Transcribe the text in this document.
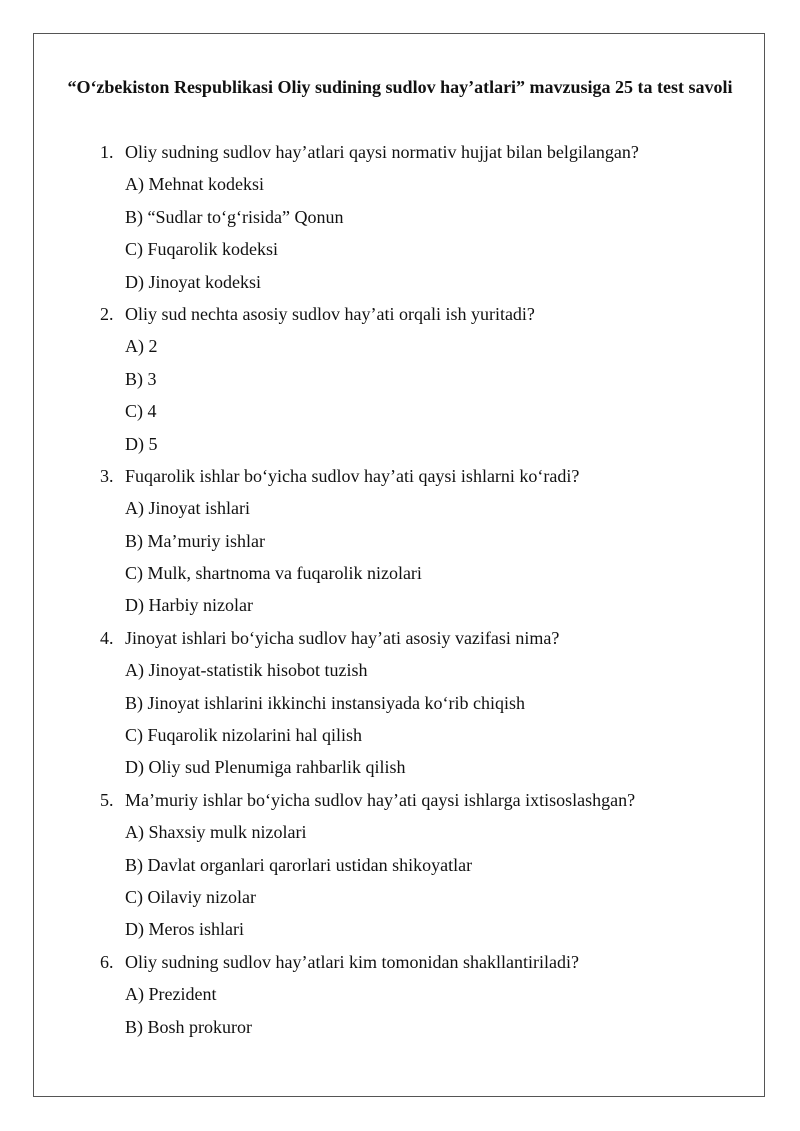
“O‘zbekiston Respublikasi Oliy sudining sudlov hay’atlari” mavzusiga 25 ta test savoli
1. Oliy sudning sudlov hay’atlari qaysi normativ hujjat bilan belgilangan?
A) Mehnat kodeksi
B) “Sudlar to‘g‘risida” Qonun
C) Fuqarolik kodeksi
D) Jinoyat kodeksi
2. Oliy sud nechta asosiy sudlov hay’ati orqali ish yuritadi?
A) 2
B) 3
C) 4
D) 5
3. Fuqarolik ishlar bo‘yicha sudlov hay’ati qaysi ishlarni ko‘radi?
A) Jinoyat ishlari
B) Ma’muriy ishlar
C) Mulk, shartnoma va fuqarolik nizolari
D) Harbiy nizolar
4. Jinoyat ishlari bo‘yicha sudlov hay’ati asosiy vazifasi nima?
A) Jinoyat-statistik hisobot tuzish
B) Jinoyat ishlarini ikkinchi instansiyada ko‘rib chiqish
C) Fuqarolik nizolarini hal qilish
D) Oliy sud Plenumiga rahbarlik qilish
5. Ma’muriy ishlar bo‘yicha sudlov hay’ati qaysi ishlarga ixtisoslashgan?
A) Shaxsiy mulk nizolari
B) Davlat organlari qarorlari ustidan shikoyatlar
C) Oilaviy nizolar
D) Meros ishlari
6. Oliy sudning sudlov hay’atlari kim tomonidan shakllantiriladi?
A) Prezident
B) Bosh prokuror
